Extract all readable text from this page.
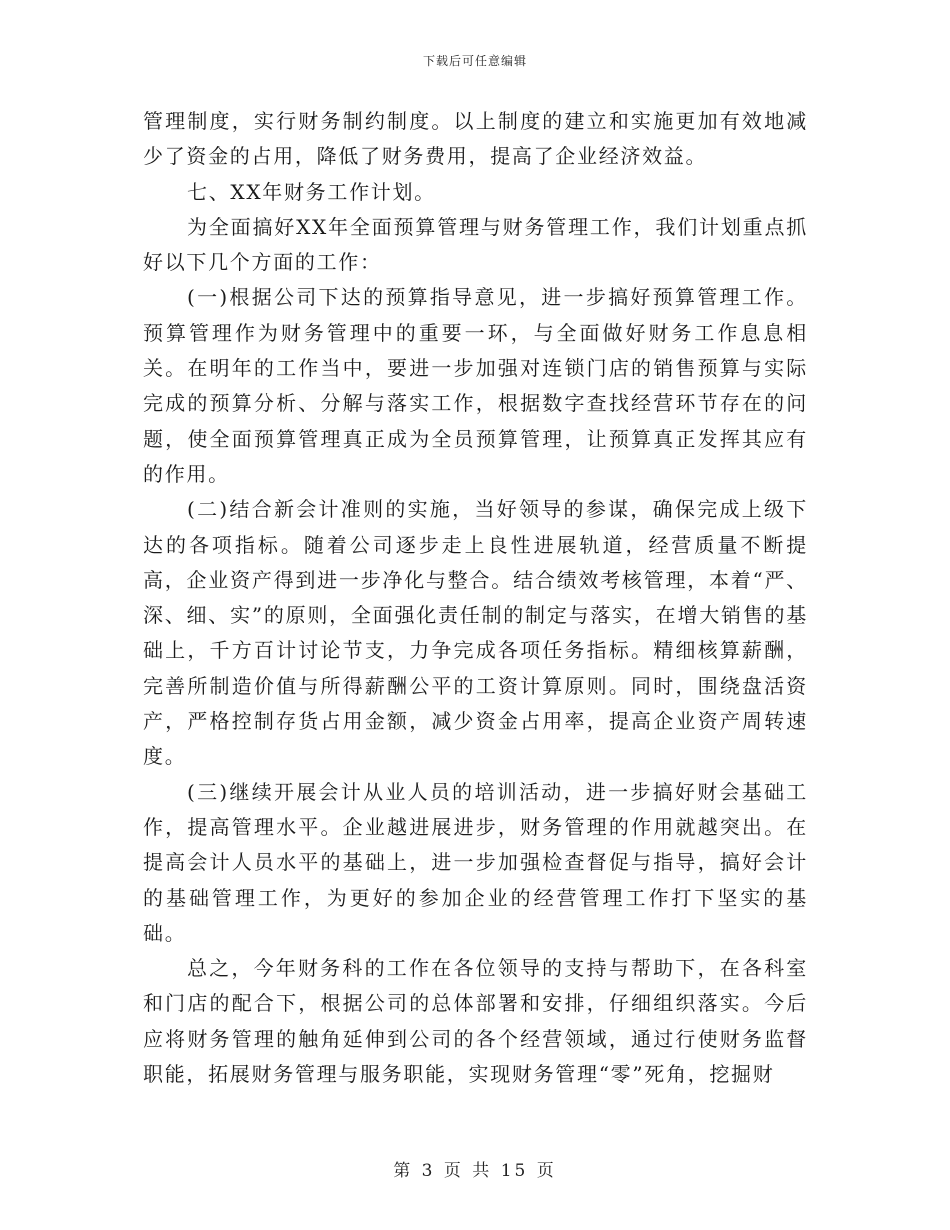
下载后可任意编辑

管理制度，实行财务制约制度。以上制度的建立和实施更加有效地减少了资金的占用，降低了财务费用，提高了企业经济效益。

七、XX年财务工作计划。

为全面搞好XX年全面预算管理与财务管理工作，我们计划重点抓好以下几个方面的工作：

(一)根据公司下达的预算指导意见，进一步搞好预算管理工作。预算管理作为财务管理中的重要一环，与全面做好财务工作息息相关。在明年的工作当中，要进一步加强对连锁门店的销售预算与实际完成的预算分析、分解与落实工作，根据数字查找经营环节存在的问题，使全面预算管理真正成为全员预算管理，让预算真正发挥其应有的作用。

(二)结合新会计准则的实施，当好领导的参谋，确保完成上级下达的各项指标。随着公司逐步走上良性进展轨道，经营质量不断提高，企业资产得到进一步净化与整合。结合绩效考核管理，本着“严、深、细、实”的原则，全面强化责任制的制定与落实，在增大销售的基础上，千方百计讨论节支，力争完成各项任务指标。精细核算薪酬，完善所制造价值与所得薪酬公平的工资计算原则。同时，围绕盘活资产，严格控制存货占用金额，减少资金占用率，提高企业资产周转速度。

(三)继续开展会计从业人员的培训活动，进一步搞好财会基础工作，提高管理水平。企业越进展进步，财务管理的作用就越突出。在提高会计人员水平的基础上，进一步加强检查督促与指导，搞好会计的基础管理工作，为更好的参加企业的经营管理工作打下坚实的基础。

总之，今年财务科的工作在各位领导的支持与帮助下，在各科室和门店的配合下，根据公司的总体部署和安排，仔细组织落实。今后应将财务管理的触角延伸到公司的各个经营领域，通过行使财务监督职能，拓展财务管理与服务职能，实现财务管理“零”死角，挖掘财

第 3 页 共 15 页
